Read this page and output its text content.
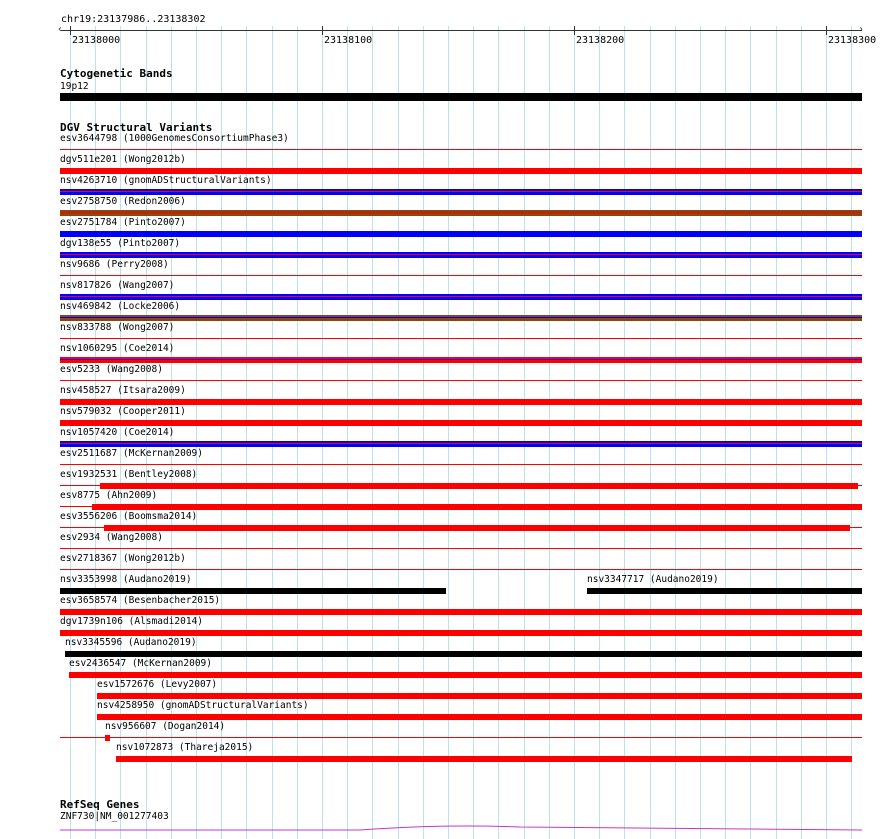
chr19:23137986..23138302
‹	›
23138000	23138100	23138200	23138300
Cytogenetic Bands
19p12
DGV Structural Variants
esv3644798 (1000GenomesConsortiumPhase3)
dgv511e201 (Wong2012b)
nsv4263710 (gnomADStructuralVariants)
esv2758750 (Redon2006)
esv2751784 (Pinto2007)
dgv138e55 (Pinto2007)
nsv9686 (Perry2008)
nsv817826 (Wang2007)
nsv469842 (Locke2006)
nsv833788 (Wong2007)
nsv1060295 (Coe2014)
esv5233 (Wang2008)
nsv458527 (Itsara2009)
nsv579032 (Cooper2011)
nsv1057420 (Coe2014)
esv2511687 (McKernan2009)
esv1932531 (Bentley2008)
esv8775 (Ahn2009)
esv3556206 (Boomsma2014)
esv2934 (Wang2008)
esv2718367 (Wong2012b)
nsv3353998 (Audano2019)	nsv3347717 (Audano2019)
esv3658574 (Besenbacher2015)
dgv1739n106 (Alsmadi2014)
nsv3345596 (Audano2019)
esv2436547 (McKernan2009)
esv1572676 (Levy2007)
nsv4258950 (gnomADStructuralVariants)
nsv956607 (Dogan2014)
nsv1072873 (Thareja2015)
RefSeq Genes
ZNF730|NM_001277403
